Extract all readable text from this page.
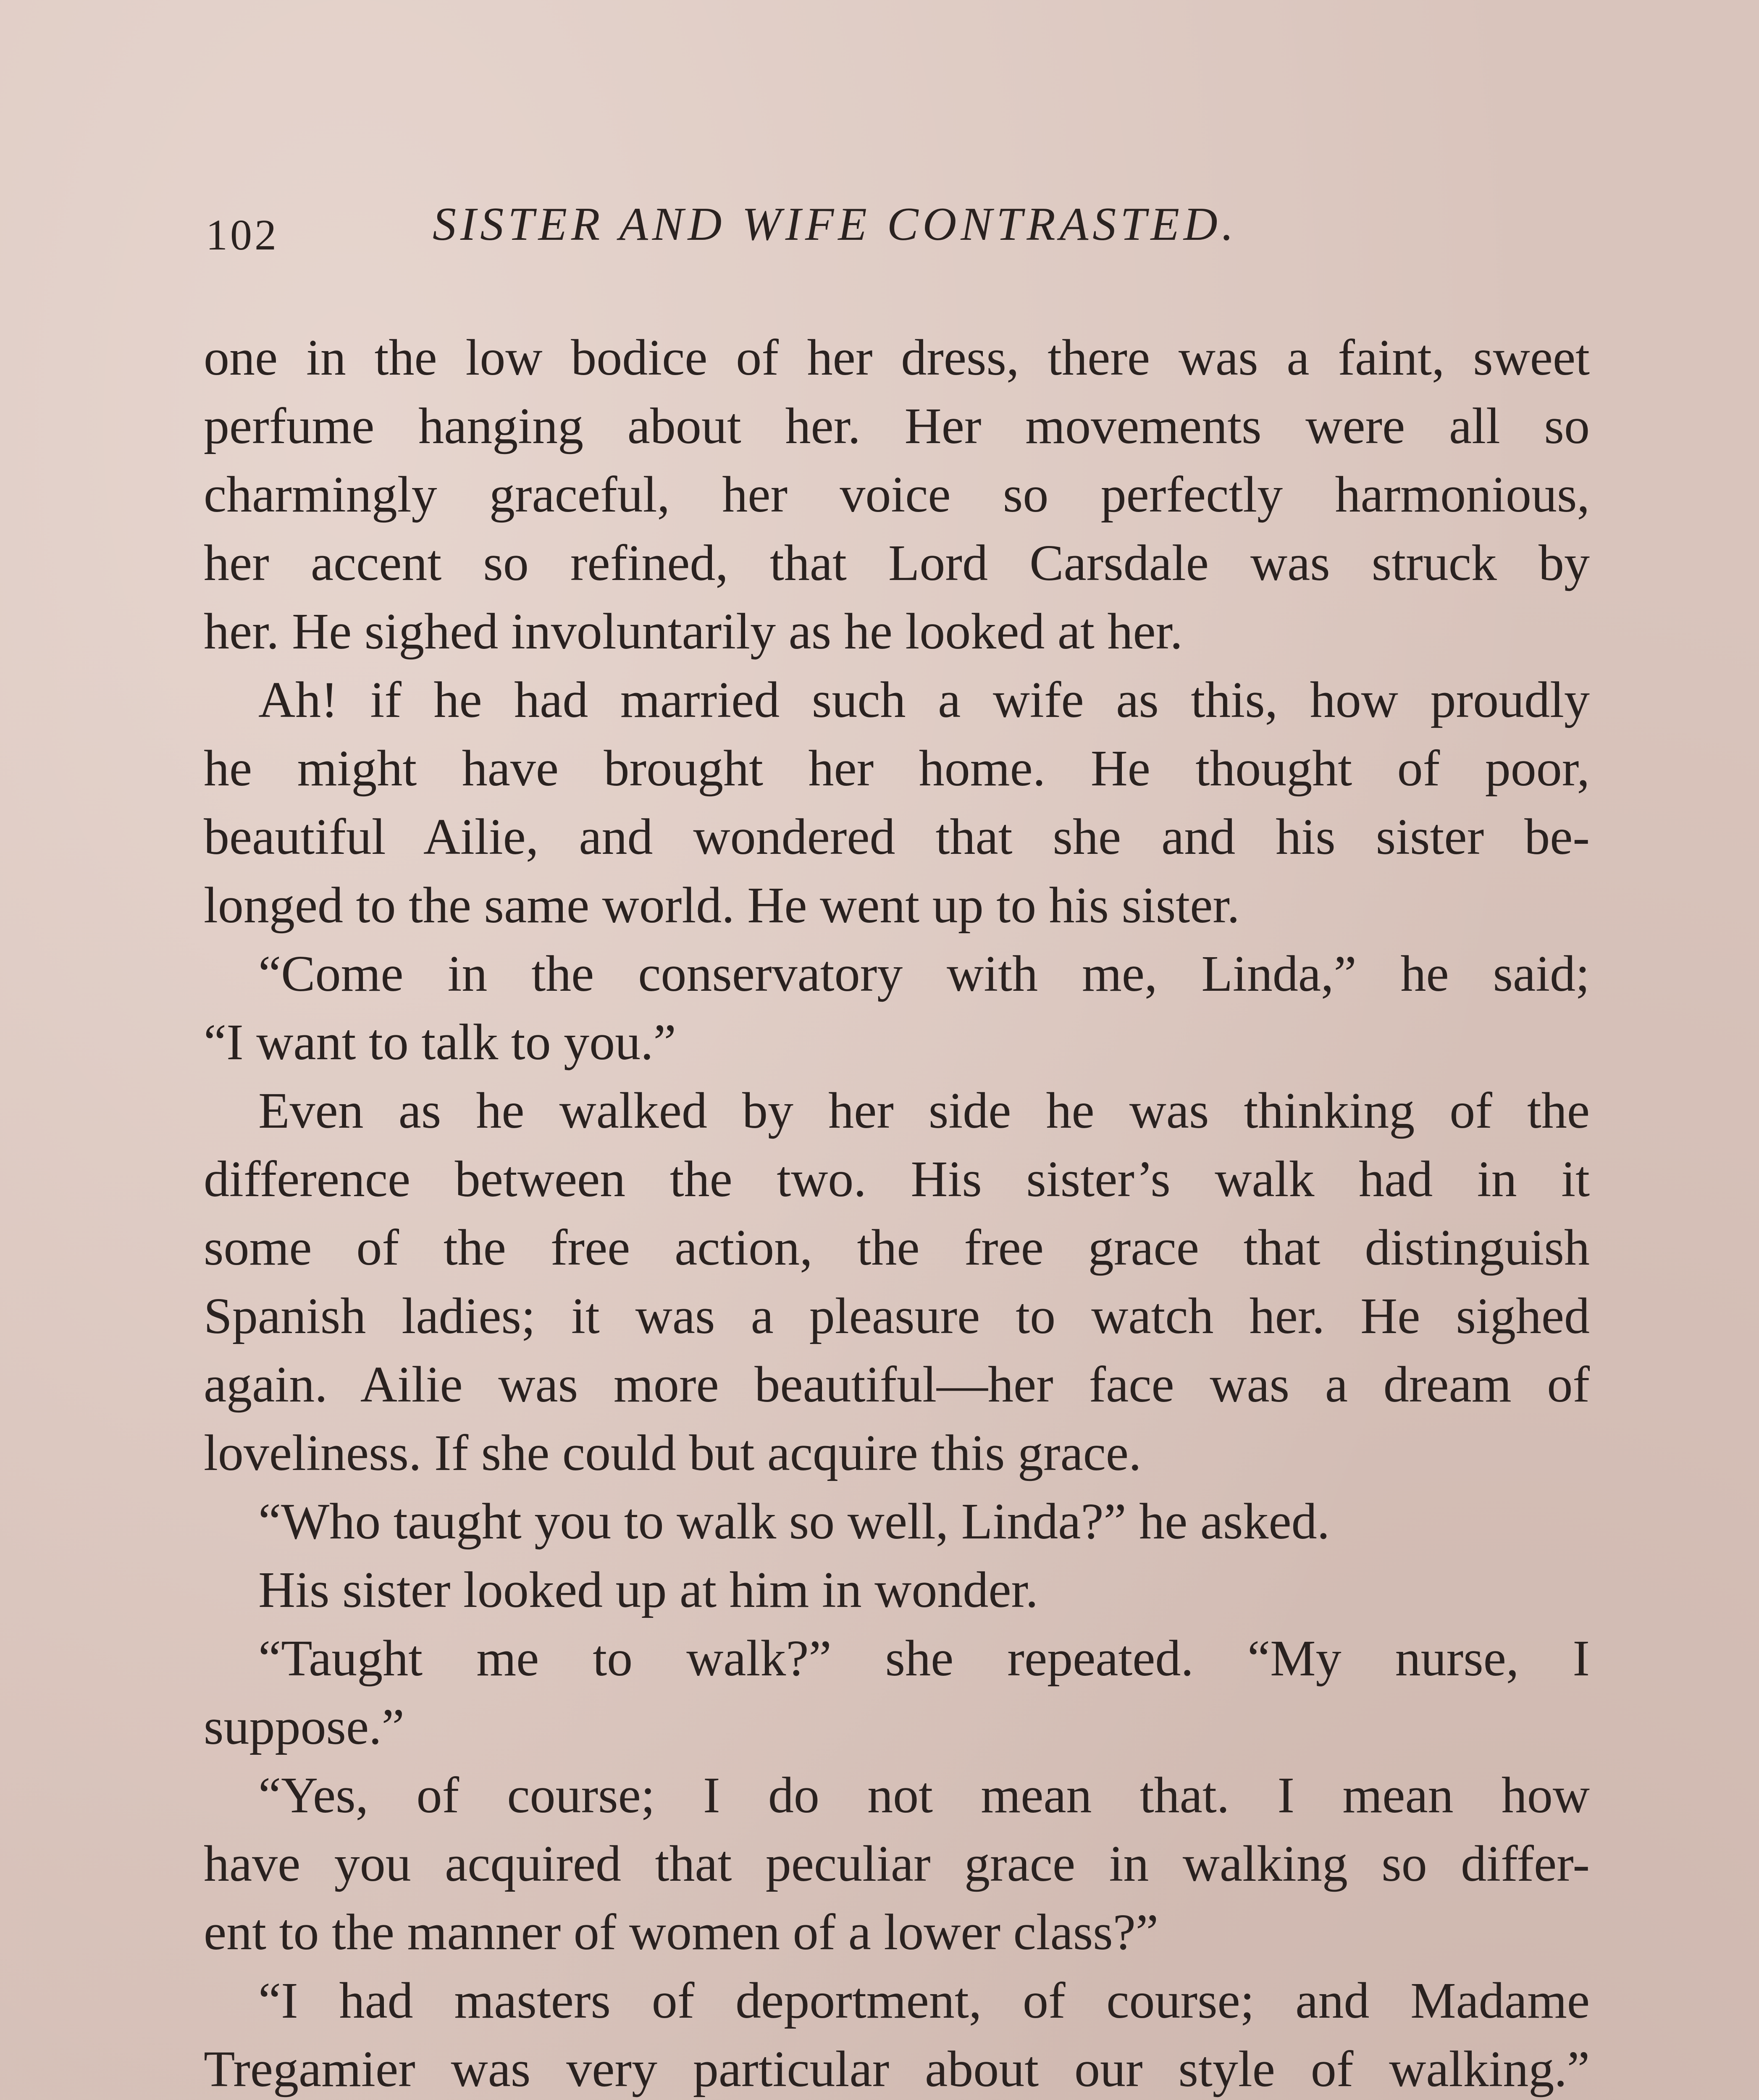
102	SISTER AND WIFE CONTRASTED.
one in the low bodice of her dress, there was a faint, sweet
perfume hanging about her. Her movements were all so
charmingly graceful, her voice so perfectly harmonious,
her accent so refined, that Lord Carsdale was struck by
her. He sighed involuntarily as he looked at her.
Ah! if he had married such a wife as this, how proudly
he might have brought her home. He thought of poor,
beautiful Ailie, and wondered that she and his sister be-
longed to the same world. He went up to his sister.
“Come in the conservatory with me, Linda,” he said;
“I want to talk to you.”
Even as he walked by her side he was thinking of the
difference between the two. His sister’s walk had in it
some of the free action, the free grace that distinguish
Spanish ladies; it was a pleasure to watch her. He sighed
again. Ailie was more beautiful—her face was a dream of
loveliness. If she could but acquire this grace.
“Who taught you to walk so well, Linda?” he asked.
His sister looked up at him in wonder.
“Taught me to walk?” she repeated. “My nurse, I
suppose.”
“Yes, of course; I do not mean that. I mean how
have you acquired that peculiar grace in walking so differ-
ent to the manner of women of a lower class?”
“I had masters of deportment, of course; and Madame
Tregamier was very particular about our style of walking.”
